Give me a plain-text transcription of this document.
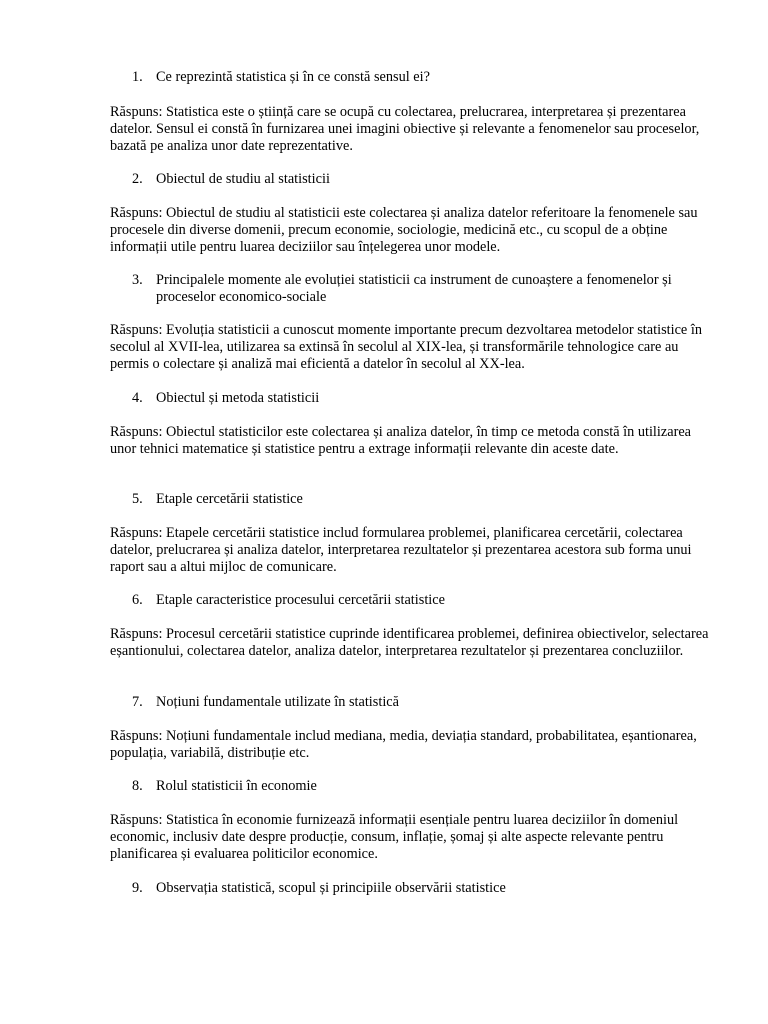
1. Ce reprezintă statistica și în ce constă sensul ei?
Răspuns: Statistica este o știință care se ocupă cu colectarea, prelucrarea, interpretarea și prezentarea datelor. Sensul ei constă în furnizarea unei imagini obiective și relevante a fenomenelor sau proceselor, bazată pe analiza unor date reprezentative.
2. Obiectul de studiu al statisticii
Răspuns: Obiectul de studiu al statisticii este colectarea și analiza datelor referitoare la fenomenele sau procesele din diverse domenii, precum economie, sociologie, medicină etc., cu scopul de a obține informații utile pentru luarea deciziilor sau înțelegerea unor modele.
3. Principalele momente ale evoluției statisticii ca instrument de cunoaștere a fenomenelor și proceselor economico-sociale
Răspuns: Evoluția statisticii a cunoscut momente importante precum dezvoltarea metodelor statistice în secolul al XVII-lea, utilizarea sa extinsă în secolul al XIX-lea, și transformările tehnologice care au permis o colectare și analiză mai eficientă a datelor în secolul al XX-lea.
4. Obiectul și metoda statisticii
Răspuns: Obiectul statisticilor este colectarea și analiza datelor, în timp ce metoda constă în utilizarea unor tehnici matematice și statistice pentru a extrage informații relevante din aceste date.
5. Etaple cercetării statistice
Răspuns: Etapele cercetării statistice includ formularea problemei, planificarea cercetării, colectarea datelor, prelucrarea și analiza datelor, interpretarea rezultatelor și prezentarea acestora sub forma unui raport sau a altui mijloc de comunicare.
6. Etaple caracteristice procesului cercetării statistice
Răspuns: Procesul cercetării statistice cuprinde identificarea problemei, definirea obiectivelor, selectarea eșantionului, colectarea datelor, analiza datelor, interpretarea rezultatelor și prezentarea concluziilor.
7. Noțiuni fundamentale utilizate în statistică
Răspuns: Noțiuni fundamentale includ mediana, media, deviația standard, probabilitatea, eșantionarea, populația, variabilă, distribuție etc.
8. Rolul statisticii în economie
Răspuns: Statistica în economie furnizează informații esențiale pentru luarea deciziilor în domeniul economic, inclusiv date despre producție, consum, inflație, șomaj și alte aspecte relevante pentru planificarea și evaluarea politicilor economice.
9. Observația statistică, scopul și principiile observării statistice
